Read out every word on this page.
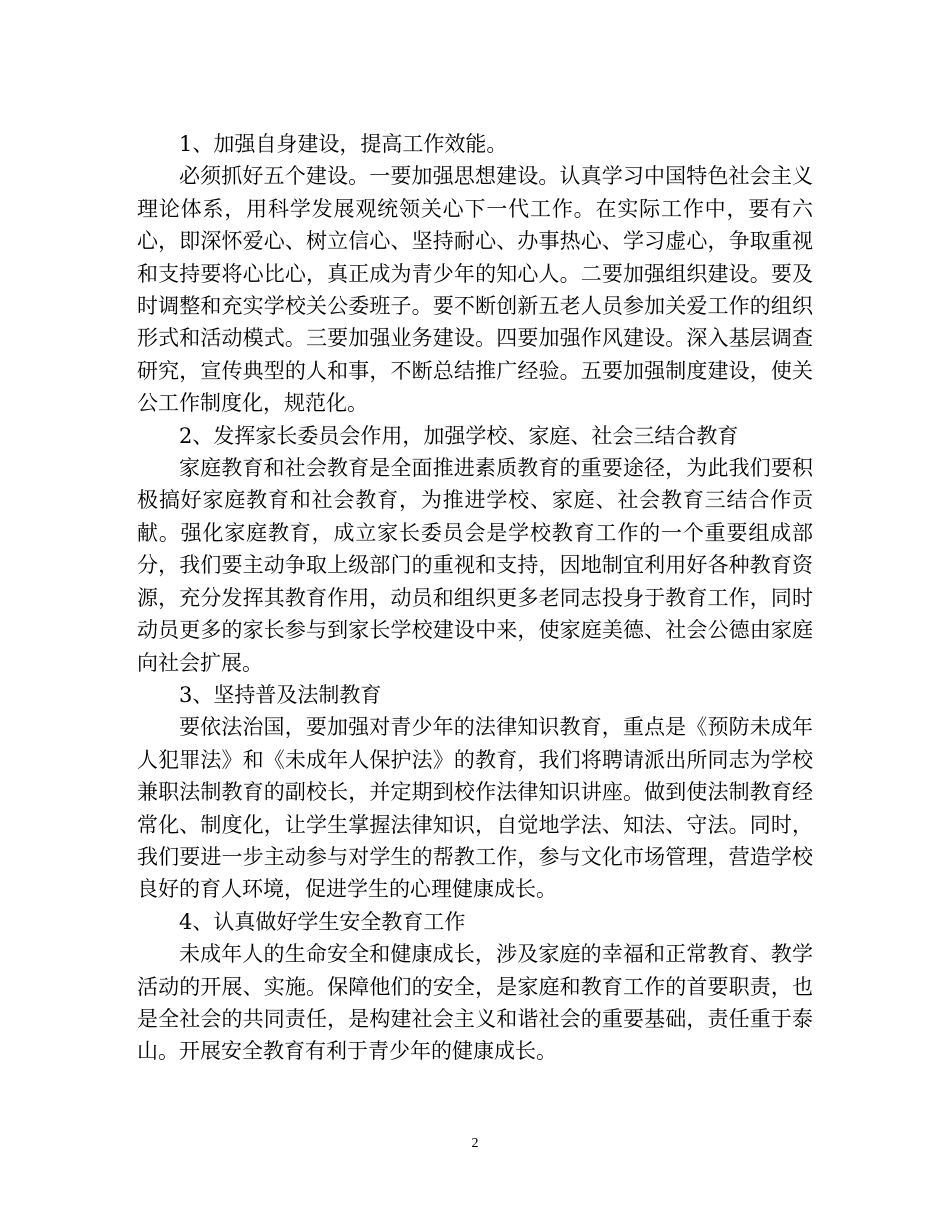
1、加强自身建设，提高工作效能。

必须抓好五个建设。一要加强思想建设。认真学习中国特色社会主义理论体系，用科学发展观统领关心下一代工作。在实际工作中，要有六心，即深怀爱心、树立信心、坚持耐心、办事热心、学习虚心，争取重视和支持要将心比心，真正成为青少年的知心人。二要加强组织建设。要及时调整和充实学校关公委班子。要不断创新五老人员参加关爱工作的组织形式和活动模式。三要加强业务建设。四要加强作风建设。深入基层调查研究，宣传典型的人和事，不断总结推广经验。五要加强制度建设，使关公工作制度化，规范化。

2、发挥家长委员会作用，加强学校、家庭、社会三结合教育

家庭教育和社会教育是全面推进素质教育的重要途径，为此我们要积极搞好家庭教育和社会教育，为推进学校、家庭、社会教育三结合作贡献。强化家庭教育，成立家长委员会是学校教育工作的一个重要组成部分，我们要主动争取上级部门的重视和支持，因地制宜利用好各种教育资源，充分发挥其教育作用，动员和组织更多老同志投身于教育工作，同时动员更多的家长参与到家长学校建设中来，使家庭美德、社会公德由家庭向社会扩展。

3、坚持普及法制教育

要依法治国，要加强对青少年的法律知识教育，重点是《预防未成年人犯罪法》和《未成年人保护法》的教育，我们将聘请派出所同志为学校兼职法制教育的副校长，并定期到校作法律知识讲座。做到使法制教育经常化、制度化，让学生掌握法律知识，自觉地学法、知法、守法。同时，我们要进一步主动参与对学生的帮教工作，参与文化市场管理，营造学校良好的育人环境，促进学生的心理健康成长。

4、认真做好学生安全教育工作

未成年人的生命安全和健康成长，涉及家庭的幸福和正常教育、教学活动的开展、实施。保障他们的安全，是家庭和教育工作的首要职责，也是全社会的共同责任，是构建社会主义和谐社会的重要基础，责任重于泰山。开展安全教育有利于青少年的健康成长。

2
